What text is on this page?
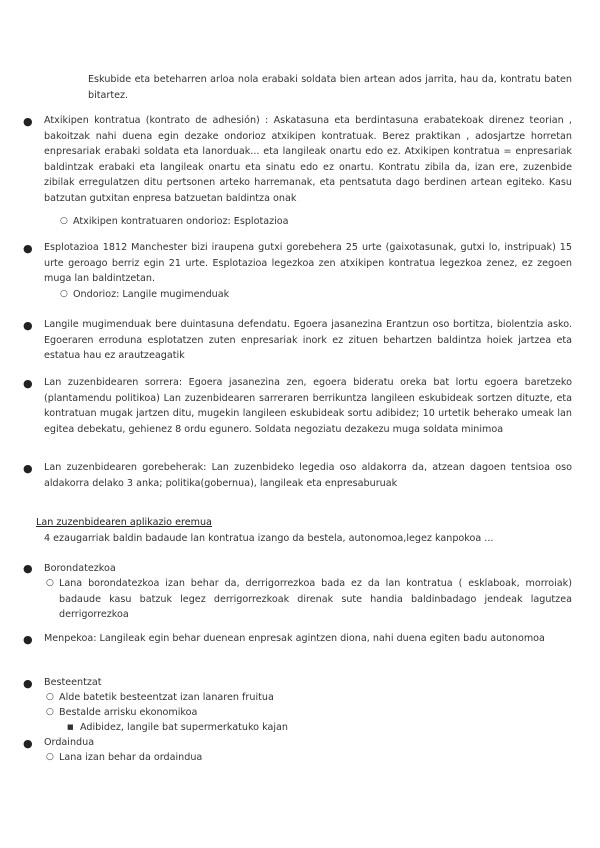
Eskubide eta beteharren arloa nola erabaki soldata bien artean ados jarrita, hau da, kontratu baten bitartez.
● Atxikipen kontratua (kontrato de adhesión) : Askatasuna eta berdintasuna erabatekoak direnez teorian , bakoitzak nahi duena egin dezake ondorioz atxikipen kontratuak. Berez praktikan , adosjartze horretan enpresariak erabaki soldata eta lanorduak... eta langileak onartu edo ez. Atxikipen kontratua = enpresariak baldintzak erabaki eta langileak onartu eta sinatu edo ez onartu. Kontratu zibila da, izan ere, zuzenbide zibilak erregulatzen ditu pertsonen arteko harremanak, eta pentsatuta dago berdinen artean egiteko. Kasu batzutan gutxitan enpresa batzuetan baldintza onak
○ Atxikipen kontratuaren ondorioz: Esplotazioa
● Esplotazioa 1812 Manchester bizi iraupena gutxi gorebehera 25 urte (gaixotasunak, gutxi lo, instripuak) 15 urte geroago berriz egin 21 urte. Esplotazioa legezkoa zen atxikipen kontratua legezkoa zenez, ez zegoen muga lan baldintzetan.
○ Ondorioz: Langile mugimenduak
● Langile mugimenduak bere duintasuna defendatu. Egoera jasanezina Erantzun oso bortitza, biolentzia asko. Egoeraren erroduna esplotatzen zuten enpresariak inork ez zituen behartzen baldintza hoiek jartzea eta estatua hau ez arautzeagatik
● Lan zuzenbidearen sorrera: Egoera jasanezina zen, egoera bideratu oreka bat lortu egoera baretzeko (plantamendu politikoa) Lan zuzenbidearen sarreraren berrikuntza langileen eskubideak sortzen dituzte, eta kontratuan mugak jartzen ditu, mugekin langileen eskubideak sortu adibidez; 10 urtetik beherako umeak lan egitea debekatu, gehienez 8 ordu egunero. Soldata negoziatu dezakezu muga soldata minimoa
● Lan zuzenbidearen gorebeherak: Lan zuzenbideko legedia oso aldakorra da, atzean dagoen tentsioa oso aldakorra delako 3 anka; politika(gobernua), langileak eta enpresaburuak
Lan zuzenbidearen aplikazio eremua
4 ezaugarriak baldin badaude lan kontratua izango da bestela, autonomoa,legez kanpokoa ...
● Borondatezkoa
○ Lana borondatezkoa izan behar da, derrigorrezkoa bada ez da lan kontratua ( esklaboak, morroiak) badaude kasu batzuk legez derrigorrezkoak direnak sute handia baldinbadago jendeak lagutzea derrigorrezkoa
● Menpekoa: Langileak egin behar duenean enpresak agintzen diona, nahi duena egiten badu autonomoa
● Besteentzat
○ Alde batetik besteentzat izan lanaren fruitua
○ Bestalde arrisku ekonomikoa
■ Adibidez, langile bat supermerkatuko kajan
● Ordaindua
○ Lana izan behar da ordaindua
